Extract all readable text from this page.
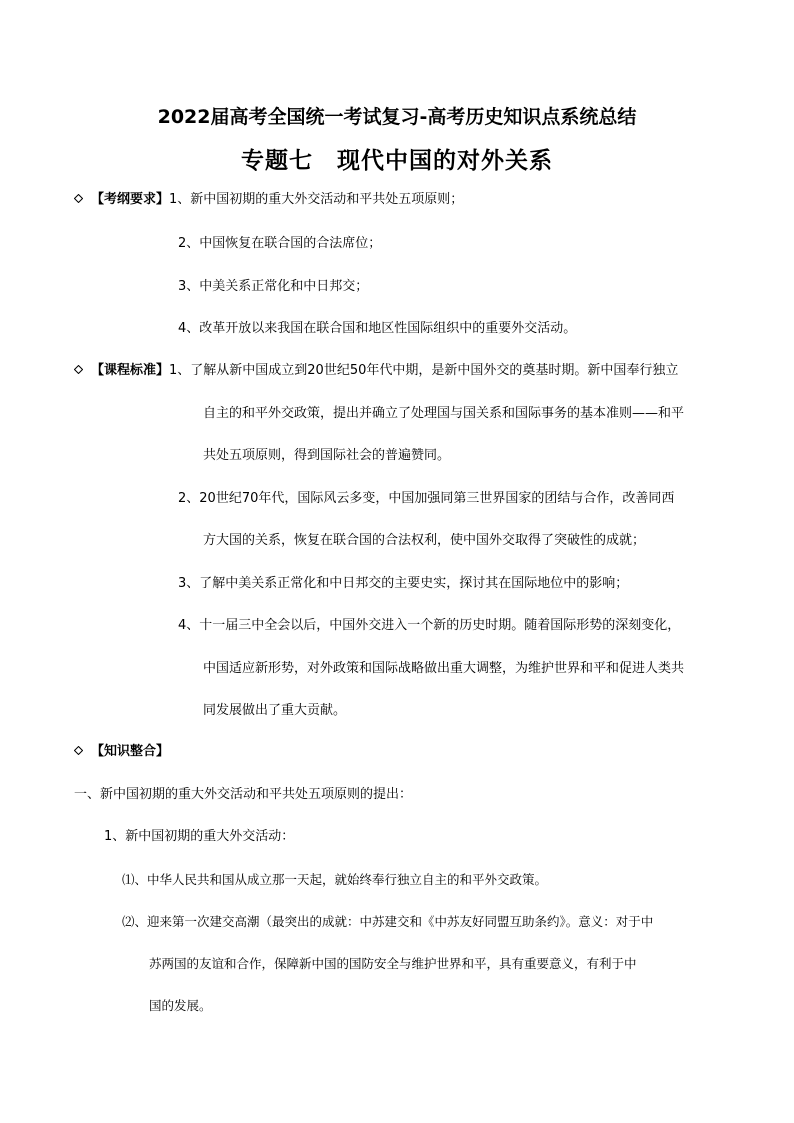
2022届高考全国统一考试复习-高考历史知识点系统总结
专题七　现代中国的对外关系
【考纲要求】1、新中国初期的重大外交活动和平共处五项原则；
2、中国恢复在联合国的合法席位；
3、中美关系正常化和中日邦交；
4、改革开放以来我国在联合国和地区性国际组织中的重要外交活动。
【课程标准】1、了解从新中国成立到20世纪50年代中期，是新中国外交的奠基时期。新中国奉行独立
自主的和平外交政策，提出并确立了处理国与国关系和国际事务的基本准则——和平
共处五项原则，得到国际社会的普遍赞同。
2、20世纪70年代，国际风云多变，中国加强同第三世界国家的团结与合作，改善同西
方大国的关系，恢复在联合国的合法权利，使中国外交取得了突破性的成就；
3、了解中美关系正常化和中日邦交的主要史实，探讨其在国际地位中的影响；
4、十一届三中全会以后，中国外交进入一个新的历史时期。随着国际形势的深刻变化，
中国适应新形势，对外政策和国际战略做出重大调整，为维护世界和平和促进人类共
同发展做出了重大贡献。
【知识整合】
一、新中国初期的重大外交活动和平共处五项原则的提出：
1、新中国初期的重大外交活动：
⑴、中华人民共和国从成立那一天起，就始终奉行独立自主的和平外交政策。
⑵、迎来第一次建交高潮（最突出的成就：中苏建交和《中苏友好同盟互助条约》。意义：对于中
苏两国的友谊和合作，保障新中国的国防安全与维护世界和平，具有重要意义，有利于中
国的发展。
